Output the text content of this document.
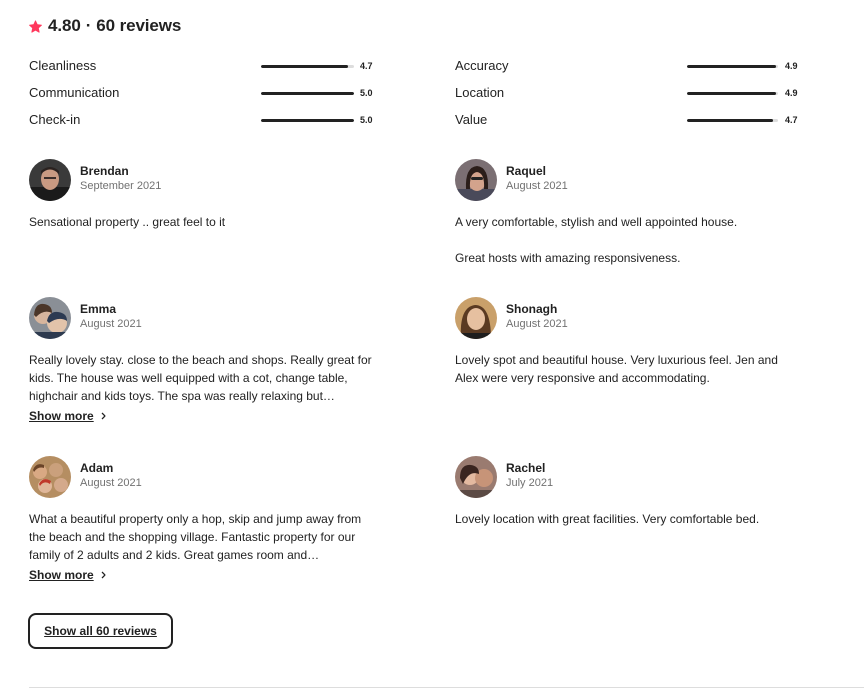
4.80 · 60 reviews
Cleanliness	4.7
Communication	5.0
Check-in	5.0
Accuracy	4.9
Location	4.9
Value	4.7
Brendan
September 2021

Sensational property .. great feel to it

Raquel
August 2021

A very comfortable, stylish and well appointed house.

Great hosts with amazing responsiveness.

Emma
August 2021

Really lovely stay. close to the beach and shops. Really great for kids. The house was well equipped with a cot, change table, highchair and kids toys. The spa was really relaxing but…

Show more
Shonagh
August 2021

Lovely spot and beautiful house. Very luxurious feel. Jen and Alex were very responsive and accommodating.

Adam
August 2021

What a beautiful property only a hop, skip and jump away from the beach and the shopping village. Fantastic property for our family of 2 adults and 2 kids. Great games room and…

Show more
Rachel
July 2021

Lovely location with great facilities. Very comfortable bed.

Show all 60 reviews
